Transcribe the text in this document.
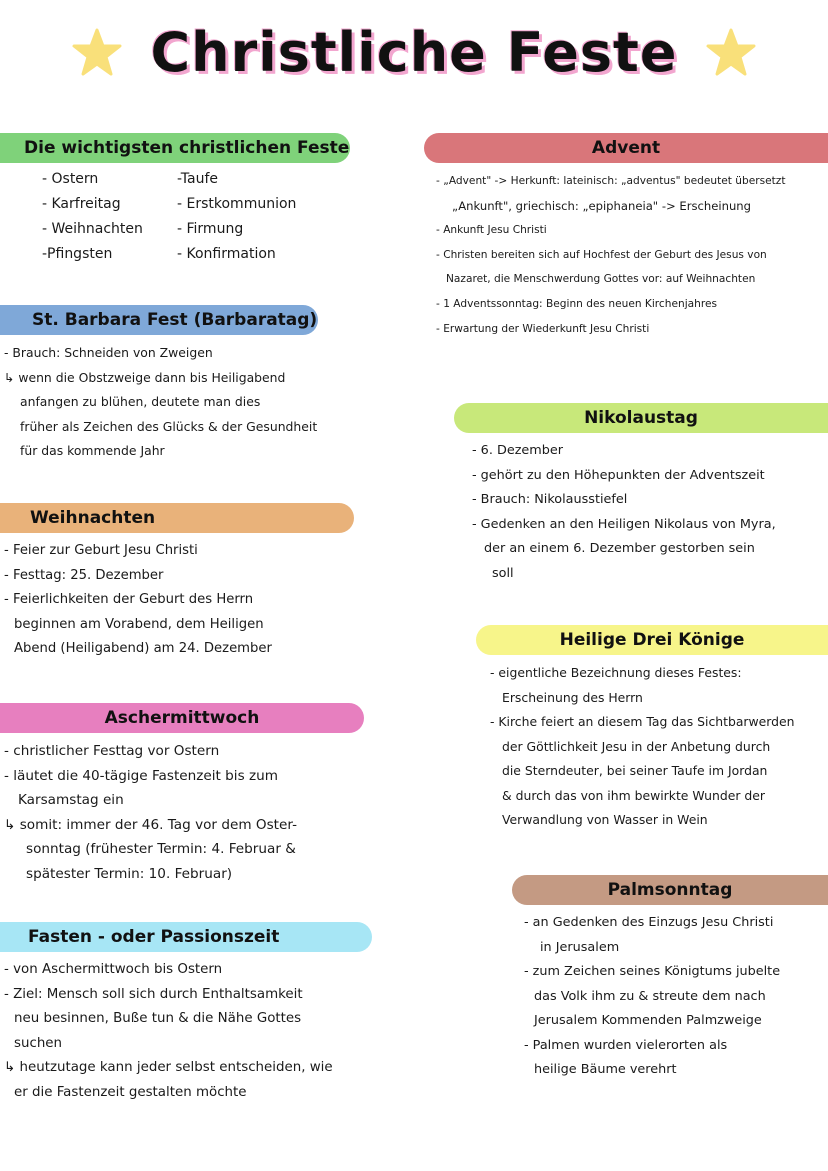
Christliche Feste
Die wichtigsten christlichen Feste
- Ostern
- Karfreitag
- Weihnachten
-Pfingsten
-Taufe
- Erstkommunion
- Firmung
- Konfirmation
St. Barbara Fest (Barbaratag)
- Brauch: Schneiden von Zweigen
↳ wenn die Obstzweige dann bis Heiligabend
anfangen zu blühen, deutete man dies
früher als Zeichen des Glücks & der Gesundheit
für das kommende Jahr
Weihnachten
- Feier zur Geburt Jesu Christi
- Festtag: 25. Dezember
- Feierlichkeiten der Geburt des Herrn
beginnen am Vorabend, dem Heiligen
Abend (Heiligabend) am 24. Dezember
Aschermittwoch
- christlicher Festtag vor Ostern
- läutet die 40-tägige Fastenzeit bis zum
Karsamstag ein
↳ somit: immer der 46. Tag vor dem Oster-
sonntag (frühester Termin: 4. Februar &
spätester Termin: 10. Februar)
Fasten - oder Passionszeit
- von Aschermittwoch bis Ostern
- Ziel: Mensch soll sich durch Enthaltsamkeit
neu besinnen, Buße tun & die Nähe Gottes
suchen
↳ heutzutage kann jeder selbst entscheiden, wie
er die Fastenzeit gestalten möchte
Advent
- „Advent" -> Herkunft: lateinisch: „adventus" bedeutet übersetzt
„Ankunft", griechisch: „epiphaneia" -> Erscheinung
- Ankunft Jesu Christi
- Christen bereiten sich auf Hochfest der Geburt des Jesus von
Nazaret, die Menschwerdung Gottes vor: auf Weihnachten
- 1 Adventssonntag: Beginn des neuen Kirchenjahres
- Erwartung der Wiederkunft Jesu Christi
Nikolaustag
- 6. Dezember
- gehört zu den Höhepunkten der Adventszeit
- Brauch: Nikolausstiefel
- Gedenken an den Heiligen Nikolaus von Myra,
der an einem 6. Dezember gestorben sein
soll
Heilige Drei Könige
- eigentliche Bezeichnung dieses Festes:
Erscheinung des Herrn
- Kirche feiert an diesem Tag das Sichtbarwerden
der Göttlichkeit Jesu in der Anbetung durch
die Sterndeuter, bei seiner Taufe im Jordan
& durch das von ihm bewirkte Wunder der
Verwandlung von Wasser in Wein
Palmsonntag
- an Gedenken des Einzugs Jesu Christi
in Jerusalem
- zum Zeichen seines Königtums jubelte
das Volk ihm zu & streute dem nach
Jerusalem Kommenden Palmzweige
- Palmen wurden vielerorten als
heilige Bäume verehrt
